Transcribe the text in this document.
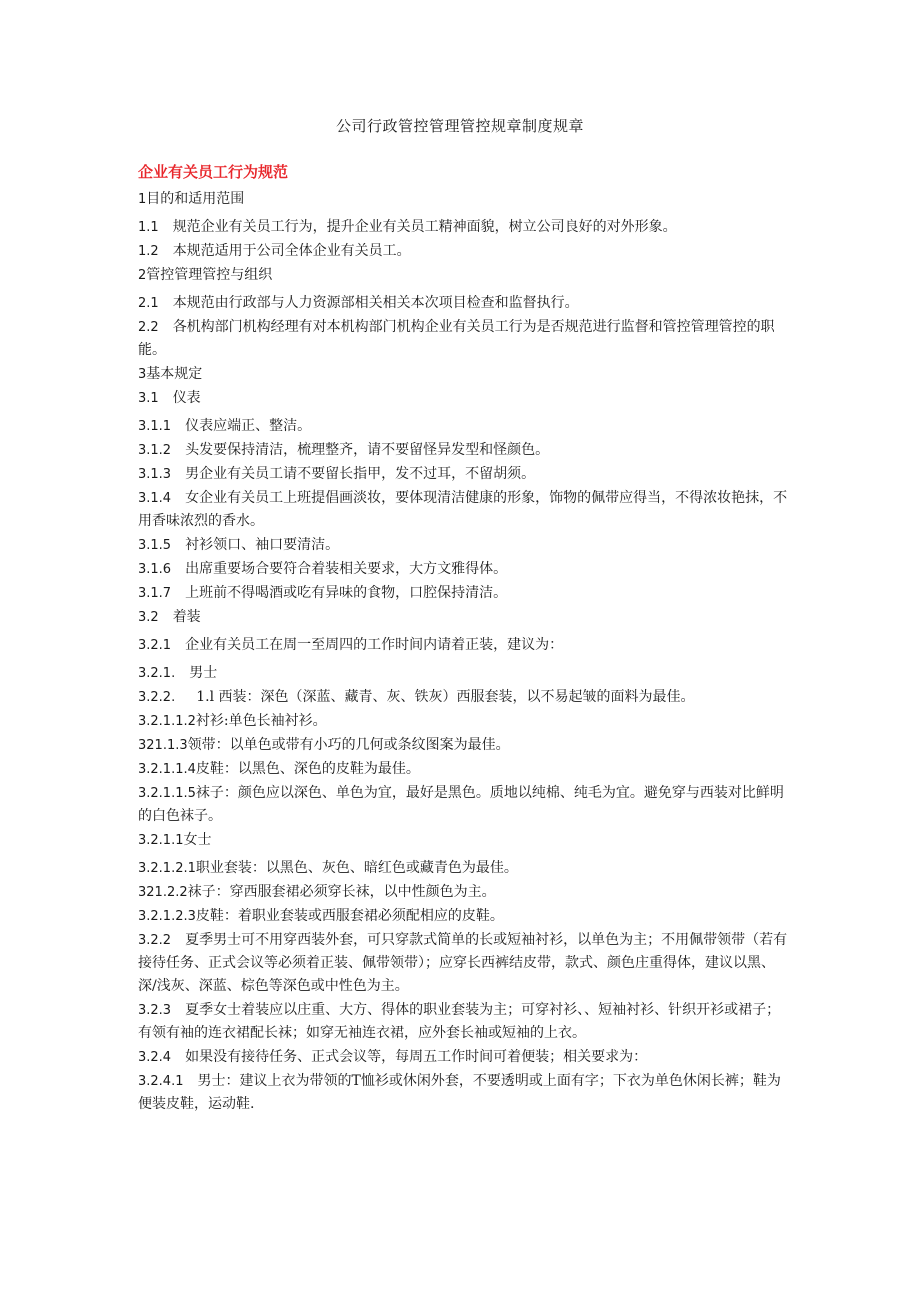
公司行政管控管理管控规章制度规章
企业有关员工行为规范

1目的和适用范围

1.1  规范企业有关员工行为，提升企业有关员工精神面貌，树立公司良好的对外形象。

1.2  本规范适用于公司全体企业有关员工。

2管控管理管控与组织

2.1  本规范由行政部与人力资源部相关相关本次项目检查和监督执行。

2.2  各机构部门机构经理有对本机构部门机构企业有关员工行为是否规范进行监督和管控管理管控的职能。

3基本规定

3.1  仪表

3.1.1  仪表应端正、整洁。

3.1.2  头发要保持清洁，梳理整齐，请不要留怪异发型和怪颜色。

3.1.3  男企业有关员工请不要留长指甲，发不过耳，不留胡须。

3.1.4  女企业有关员工上班提倡画淡妆，要体现清洁健康的形象，饰物的佩带应得当，不得浓妆艳抹，不用香味浓烈的香水。

3.1.5  衬衫领口、袖口要清洁。

3.1.6  出席重要场合要符合着装相关要求，大方文雅得体。

3.1.7  上班前不得喝酒或吃有异味的食物，口腔保持清洁。

3.2  着装

3.2.1  企业有关员工在周一至周四的工作时间内请着正装，建议为：

3.2.1.  男士

3.2.2.   1.l 西装：深色（深蓝、藏青、灰、铁灰）西服套装，以不易起皱的面料为最佳。

3.2.1.1.2衬衫:单色长袖衬衫。

321.1.3领带：以单色或带有小巧的几何或条纹图案为最佳。

3.2.1.1.4皮鞋：以黑色、深色的皮鞋为最佳。

3.2.1.1.5袜子：颜色应以深色、单色为宜，最好是黑色。质地以纯棉、纯毛为宜。避免穿与西装对比鲜明的白色袜子。

3.2.1.1女士

3.2.1.2.1职业套装：以黑色、灰色、暗红色或藏青色为最佳。

321.2.2袜子：穿西服套裙必须穿长袜，以中性颜色为主。

3.2.1.2.3皮鞋：着职业套装或西服套裙必须配相应的皮鞋。

3.2.2  夏季男士可不用穿西装外套，可只穿款式简单的长或短袖衬衫，以单色为主；不用佩带领带（若有接待任务、正式会议等必须着正装、佩带领带）；应穿长西裤结皮带，款式、颜色庄重得体，建议以黑、深/浅灰、深蓝、棕色等深色或中性色为主。

3.2.3  夏季女士着装应以庄重、大方、得体的职业套装为主；可穿衬衫、、短袖衬衫、针织开衫或裙子；有领有袖的连衣裙配长袜；如穿无袖连衣裙，应外套长袖或短袖的上衣。

3.2.4  如果没有接待任务、正式会议等，每周五工作时间可着便装；相关要求为：

3.2.4.1  男士：建议上衣为带领的T恤衫或休闲外套，不要透明或上面有字；下衣为单色休闲长裤；鞋为便装皮鞋，运动鞋.
